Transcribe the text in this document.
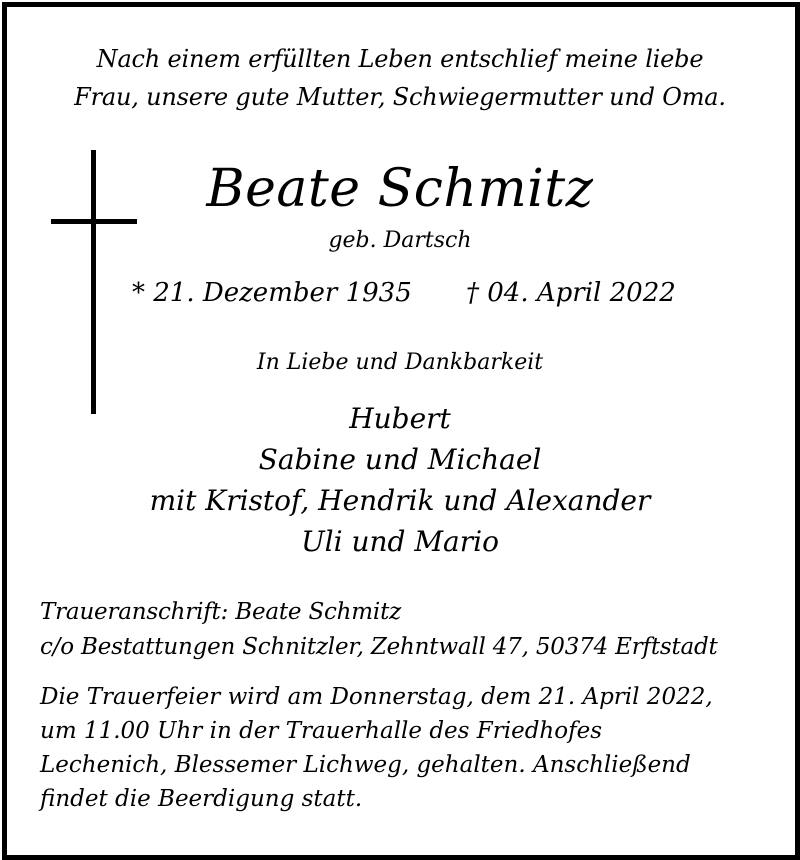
Nach einem erfüllten Leben entschlief meine liebe
Frau, unsere gute Mutter, Schwiegermutter und Oma.
Beate Schmitz
geb. Dartsch
* 21. Dezember 1935 † 04. April 2022
In Liebe und Dankbarkeit
Hubert
Sabine und Michael
mit Kristof, Hendrik und Alexander
Uli und Mario
Traueranschrift: Beate Schmitz
c/o Bestattungen Schnitzler, Zehntwall 47, 50374 Erftstadt
Die Trauerfeier wird am Donnerstag, dem 21. April 2022,
um 11.00 Uhr in der Trauerhalle des Friedhofes
Lechenich, Blessemer Lichweg, gehalten. Anschließend
findet die Beerdigung statt.
